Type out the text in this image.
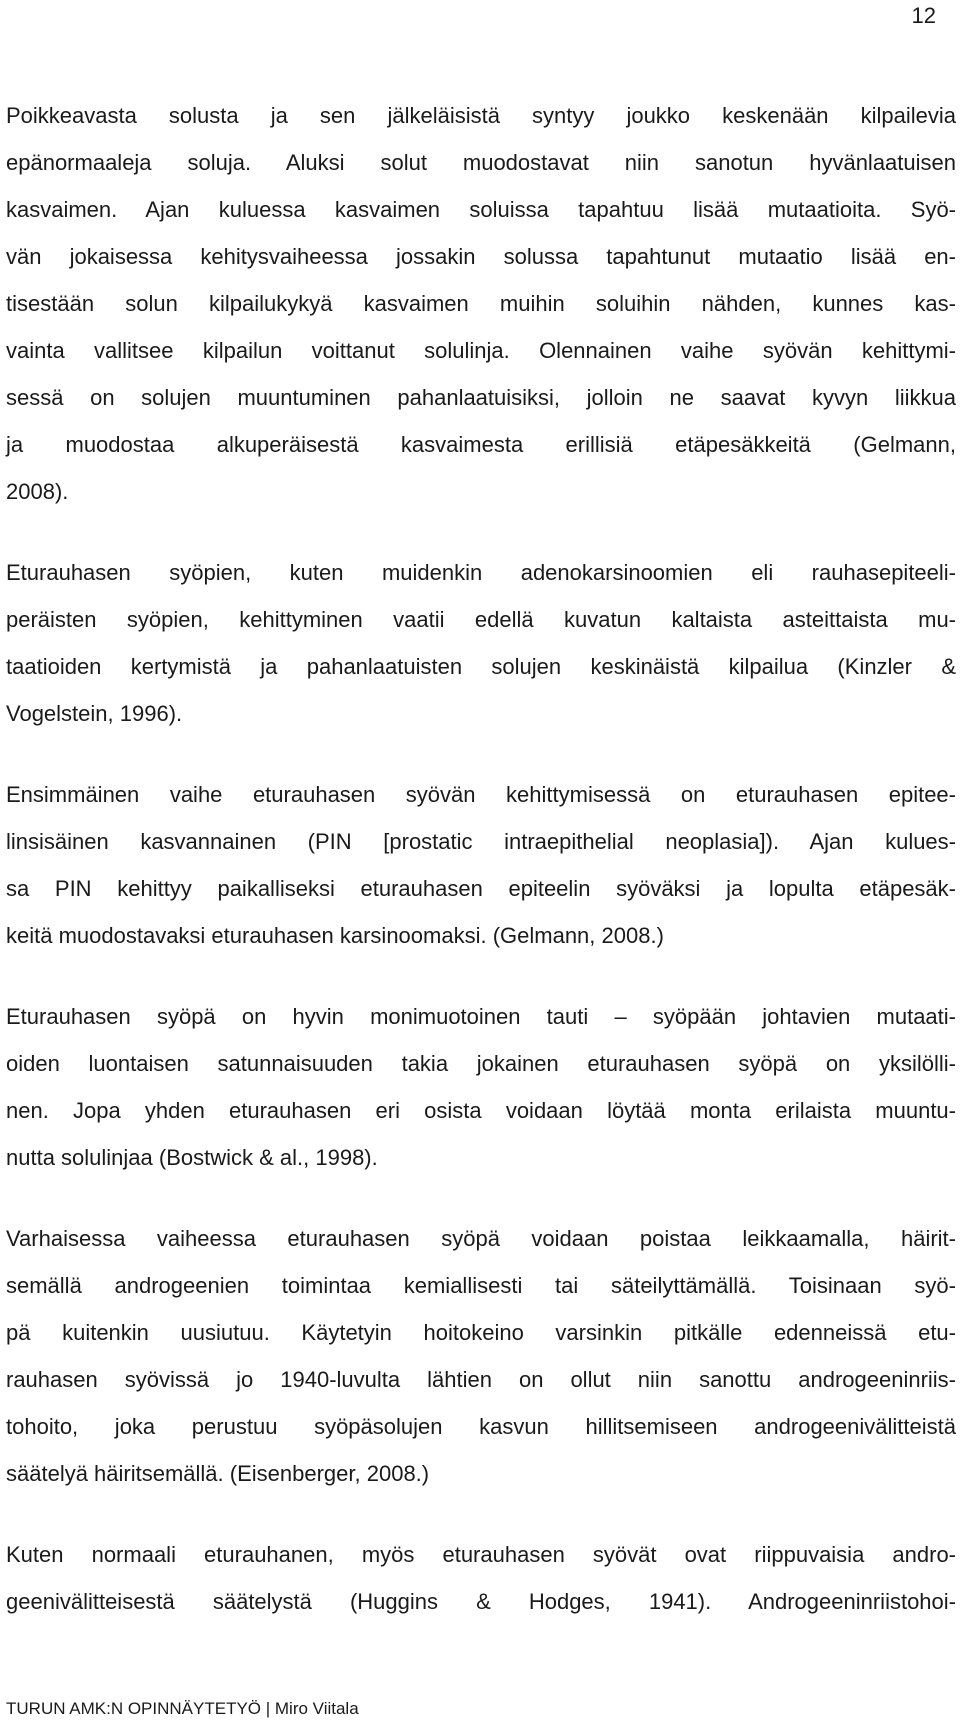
12
Poikkeavasta solusta ja sen jälkeläisistä syntyy joukko keskenään kilpailevia
epänormaaleja soluja. Aluksi solut muodostavat niin sanotun hyvänlaatuisen
kasvaimen. Ajan kuluessa kasvaimen soluissa tapahtuu lisää mutaatioita. Syö-
vän jokaisessa kehitysvaiheessa jossakin solussa tapahtunut mutaatio lisää en-
tisestään solun kilpailukykyä kasvaimen muihin soluihin nähden, kunnes kas-
vainta vallitsee kilpailun voittanut solulinja. Olennainen vaihe syövän kehittymi-
sessä on solujen muuntuminen pahanlaatuisiksi, jolloin ne saavat kyvyn liikkua
ja muodostaa alkuperäisestä kasvaimesta erillisiä etäpesäkkeitä (Gelmann,
2008).
Eturauhasen syöpien, kuten muidenkin adenokarsinoomien eli rauhasepiteeli-
peräisten syöpien, kehittyminen vaatii edellä kuvatun kaltaista asteittaista mu-
taatioiden kertymistä ja pahanlaatuisten solujen keskinäistä kilpailua (Kinzler &
Vogelstein, 1996).
Ensimmäinen vaihe eturauhasen syövän kehittymisessä on eturauhasen epitee-
linsisäinen kasvannainen (PIN [prostatic intraepithelial neoplasia]). Ajan kulues-
sa PIN kehittyy paikalliseksi eturauhasen epiteelin syöväksi ja lopulta etäpesäk-
keitä muodostavaksi eturauhasen karsinoomaksi. (Gelmann, 2008.)
Eturauhasen syöpä on hyvin monimuotoinen tauti – syöpään johtavien mutaati-
oiden luontaisen satunnaisuuden takia jokainen eturauhasen syöpä on yksilölli-
nen. Jopa yhden eturauhasen eri osista voidaan löytää monta erilaista muuntu-
nutta solulinjaa (Bostwick & al., 1998).
Varhaisessa vaiheessa eturauhasen syöpä voidaan poistaa leikkaamalla, häirit-
semällä androgeenien toimintaa kemiallisesti tai säteilyttämällä. Toisinaan syö-
pä kuitenkin uusiutuu. Käytetyin hoitokeino varsinkin pitkälle edenneissä etu-
rauhasen syövissä jo 1940-luvulta lähtien on ollut niin sanottu androgeeninriis-
tohoito, joka perustuu syöpäsolujen kasvun hillitsemiseen androgeenivälitteistä
säätelyä häiritsemällä. (Eisenberger, 2008.)
Kuten normaali eturauhanen, myös eturauhasen syövät ovat riippuvaisia andro-
geenivälitteisestä säätelystä (Huggins & Hodges, 1941). Androgeeninriistohoi-
TURUN AMK:N OPINNÄYTETYÖ | Miro Viitala
